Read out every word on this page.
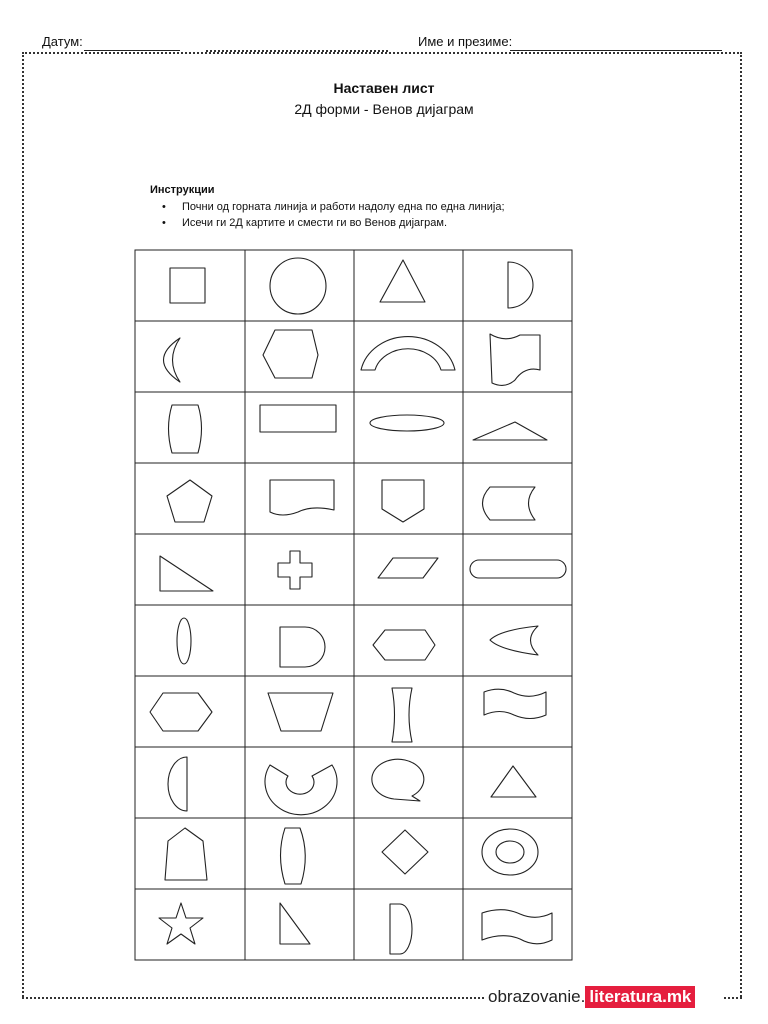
Датум:	Име и презиме:
Наставен лист
2Д форми - Венов дијаграм
Инструкции
• Почни од горната линија и работи надолу една по една линија;
• Исечи ги 2Д картите и смести ги во Венов дијаграм.
obrazovanie. literatura.mk
